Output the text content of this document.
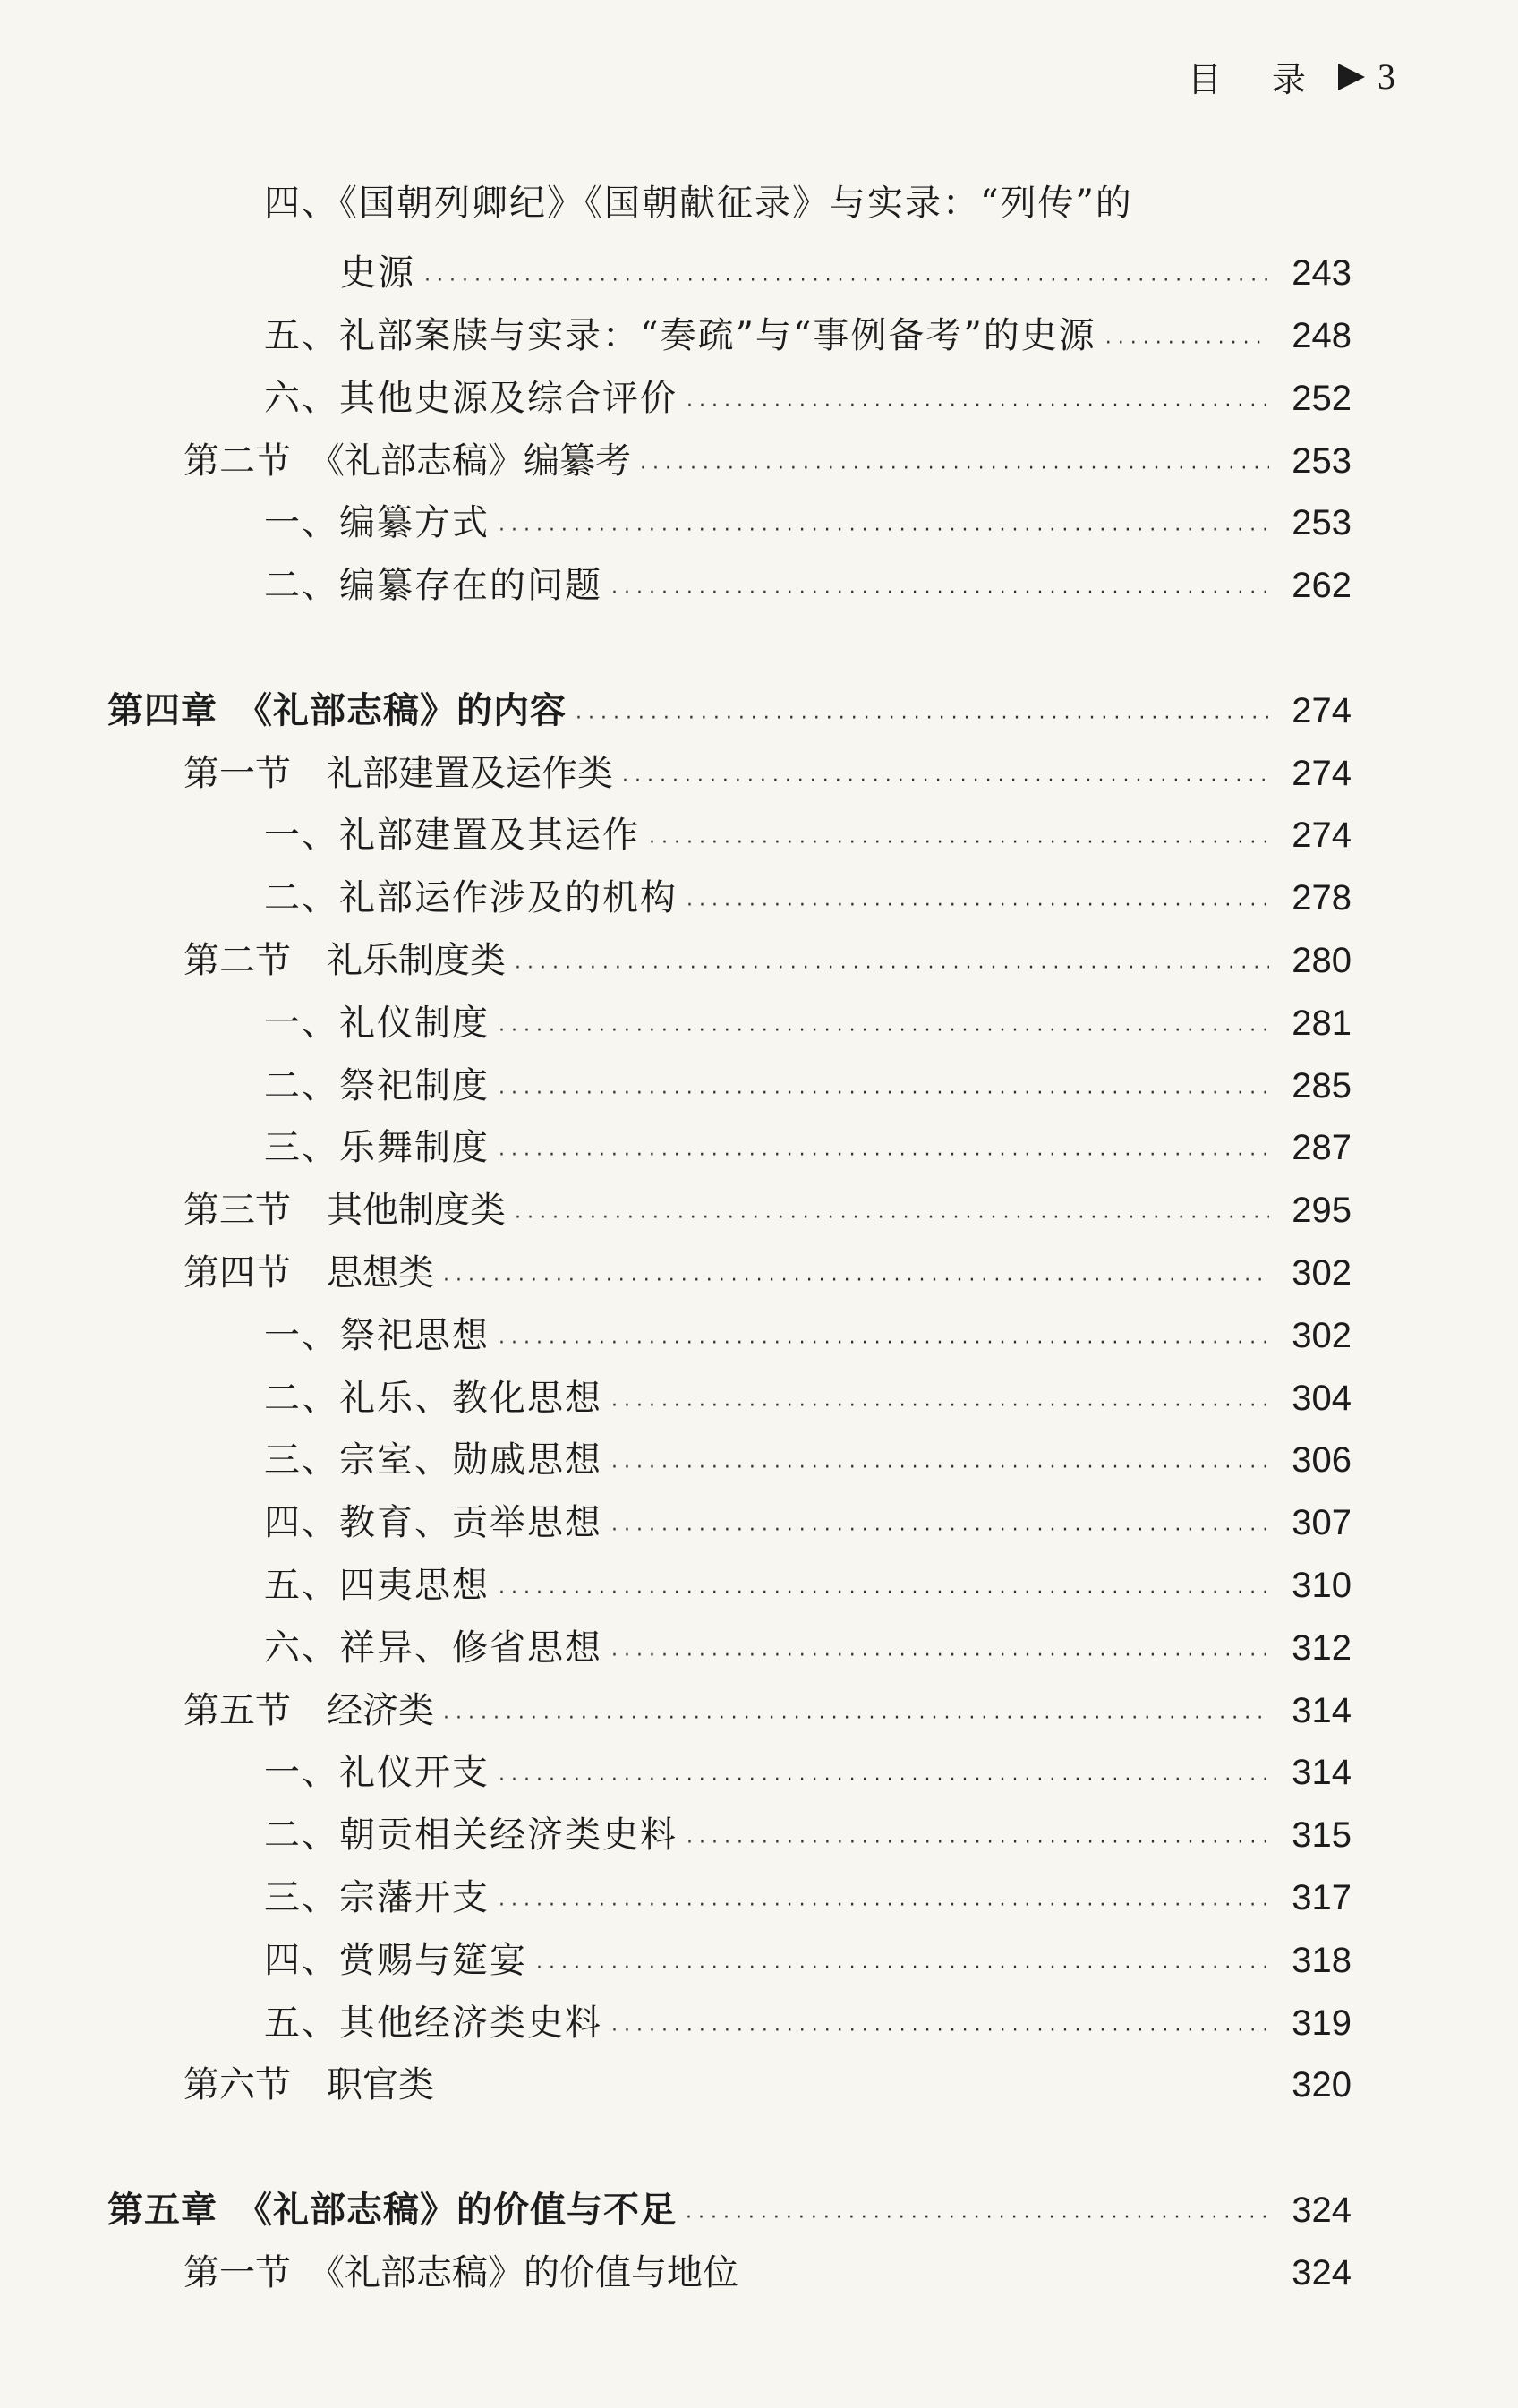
目 录 3
四、《国朝列卿纪》《国朝献征录》与实录：“列传”的
史源 · · ·	243
五、礼部案牍与实录：“奏疏”与“事例备考”的史源 · · ·	248
六、其他史源及综合评价 · · ·	252
第二节　《礼部志稿》编纂考 · · ·	253
一、编纂方式 · · ·	253
二、编纂存在的问题 · · ·	262
第四章　《礼部志稿》的内容 · · ·	274
第一节　礼部建置及运作类 · · ·	274
一、礼部建置及其运作 · · ·	274
二、礼部运作涉及的机构 · · ·	278
第二节　礼乐制度类 · · ·	280
一、礼仪制度 · · ·	281
二、祭祀制度 · · ·	285
三、乐舞制度 · · ·	287
第三节　其他制度类 · · ·	295
第四节　思想类 · · ·	302
一、祭祀思想 · · ·	302
二、礼乐、教化思想 · · ·	304
三、宗室、勋戚思想 · · ·	306
四、教育、贡举思想 · · ·	307
五、四夷思想 · · ·	310
六、祥异、修省思想 · · ·	312
第五节　经济类 · · ·	314
一、礼仪开支 · · ·	314
二、朝贡相关经济类史料 · · ·	315
三、宗藩开支 · · ·	317
四、赏赐与筵宴 · · ·	318
五、其他经济类史料 · · ·	319
第六节　职官类	320
第五章　《礼部志稿》的价值与不足 · · ·	324
第一节　《礼部志稿》的价值与地位	324
